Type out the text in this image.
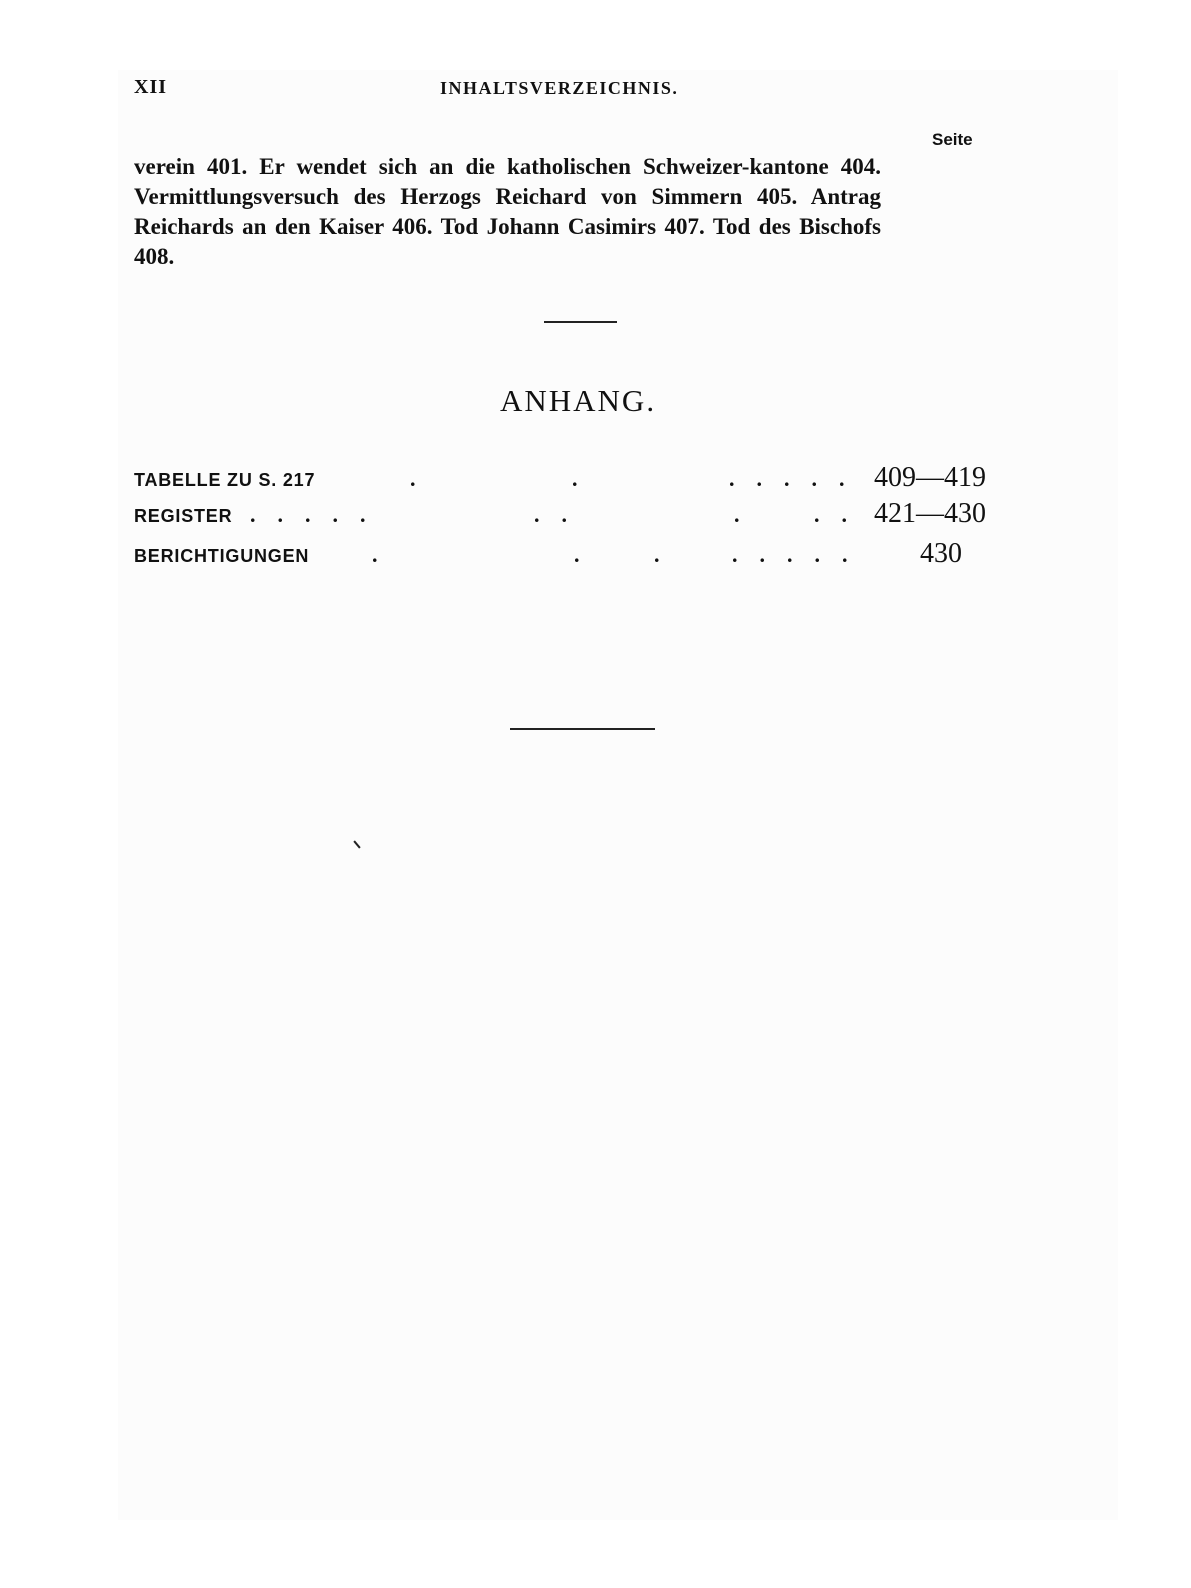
XII	INHALTSVERZEICHNIS.
Seite

verein 401. Er wendet sich an die katholischen Schweizer-kantone 404. Vermittlungsversuch des Herzogs Reichard von Simmern 405. Antrag Reichards an den Kaiser 406. Tod Johann Casimirs 407. Tod des Bischofs 408.

ANHANG.
TABELLE ZU S. 217	.	.	.    .    .    .    . 409—419
REGISTER .    .    .    .    .	.    .	.	.    . 421—430
BERICHTIGUNGEN	.	.	.	.    .    .    .    .	430
